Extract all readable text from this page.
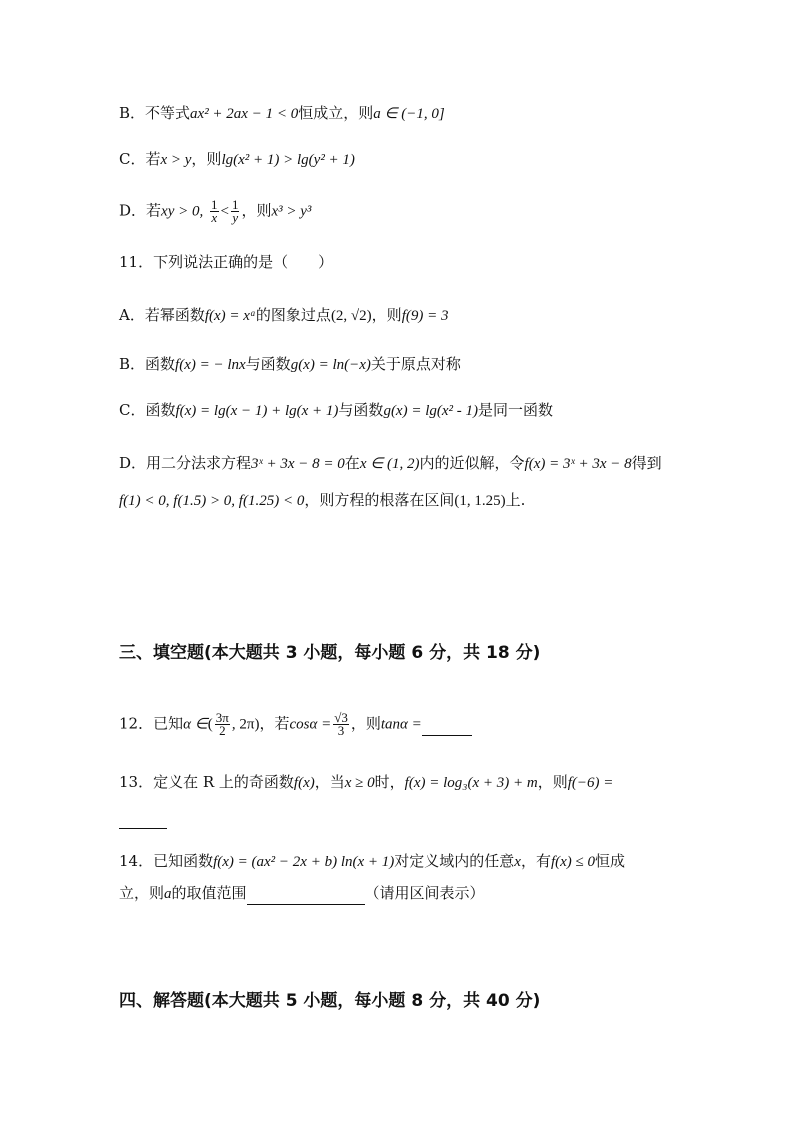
B．不等式ax² + 2ax − 1 < 0恒成立，则a ∈ (−1, 0]
C．若x > y，则lg(x² + 1) > lg(y² + 1)
D．若xy > 0, $\frac{1}{x} < \frac{1}{y}$ ，则x³ > y³
11．下列说法正确的是（　　）
A．若幂函数f(x) = xᵃ的图象过点(2, √2)，则f(9) = 3
B．函数f(x) = − lnx与函数g(x) = ln(−x)关于原点对称
C．函数f(x) = lg(x − 1) + lg(x + 1)与函数g(x) = lg(x² - 1)是同一函数
D．用二分法求方程3ˣ + 3x − 8 = 0在x ∈ (1, 2)内的近似解，令f(x) = 3ˣ + 3x − 8得到
f(1) < 0, f(1.5) > 0, f(1.25) < 0，则方程的根落在区间(1, 1.25)上.
三、填空题(本大题共 3 小题，每小题 6 分，共 18 分)
12．已知α ∈( $\frac{3\pi}{2}$ , 2π)，若$\cos\alpha = \frac{√3}{3}$ ，则tanα =
13．定义在 R 上的奇函数f(x)，当x ≥ 0时，f(x) = log₃(x + 3) + m，则f(−6) =

14．已知函数f(x) = (ax² − 2x + b) ln(x + 1)对定义域内的任意x，有f(x) ≤ 0恒成
立，则a的取值范围	（请用区间表示）
四、解答题(本大题共 5 小题，每小题 8 分，共 40 分)
